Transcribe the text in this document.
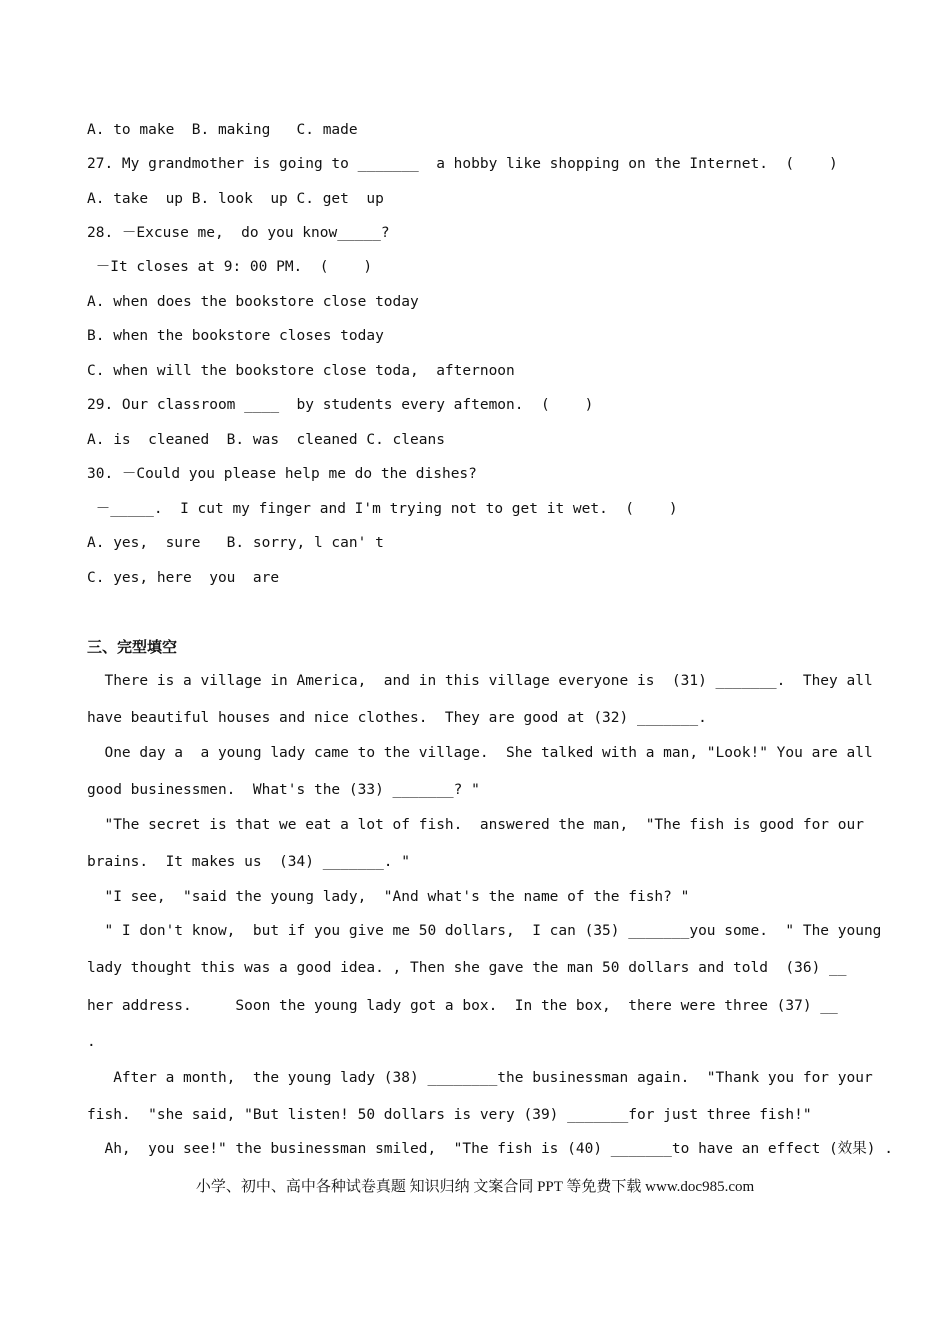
A. to make  B. making   C. made
27. My grandmother is going to _______  a hobby like shopping on the Internet.  (    )
A. take  up B. look  up C. get  up
28. －Excuse me,  do you know_____?
－It closes at 9: 00 PM.  (    )
A. when does the bookstore close today
B. when the bookstore closes today
C. when will the bookstore close toda,  afternoon
29. Our classroom ____  by students every aftemon.  (    )
A. is  cleaned  B. was  cleaned C. cleans
30. －Could you please help me do the dishes?
－_____.  I cut my finger and I'm trying not to get it wet.  (    )
A. yes,  sure   B. sorry, l can' t
C. yes, here  you  are
三、完型填空
There is a village in America,  and in this village everyone is  (31) _______.  They all
have beautiful houses and nice clothes.  They are good at (32) _______.
One day a  a young lady came to the village.  She talked with a man, "Look!" You are all
good businessmen.  What's the (33) _______? "
"The secret is that we eat a lot of fish.  answered the man,  "The fish is good for our
brains.  It makes us  (34) _______. "
"I see,  "said the young lady,  "And what's the name of the fish? "
" I don't know,  but if you give me 50 dollars,  I can (35) _______you some.  " The young
lady thought this was a good idea. , Then she gave the man 50 dollars and told  (36) __
her address.     Soon the young lady got a box.  In the box,  there were three (37) __
.
After a month,  the young lady (38) ________the businessman again.  "Thank you for your
fish.  "she said, "But listen! 50 dollars is very (39) _______for just three fish!"
Ah,  you see!" the businessman smiled,  "The fish is (40) _______to have an effect (效果) .
小学、初中、高中各种试卷真题 知识归纳 文案合同 PPT 等免费下载 www.doc985.com
